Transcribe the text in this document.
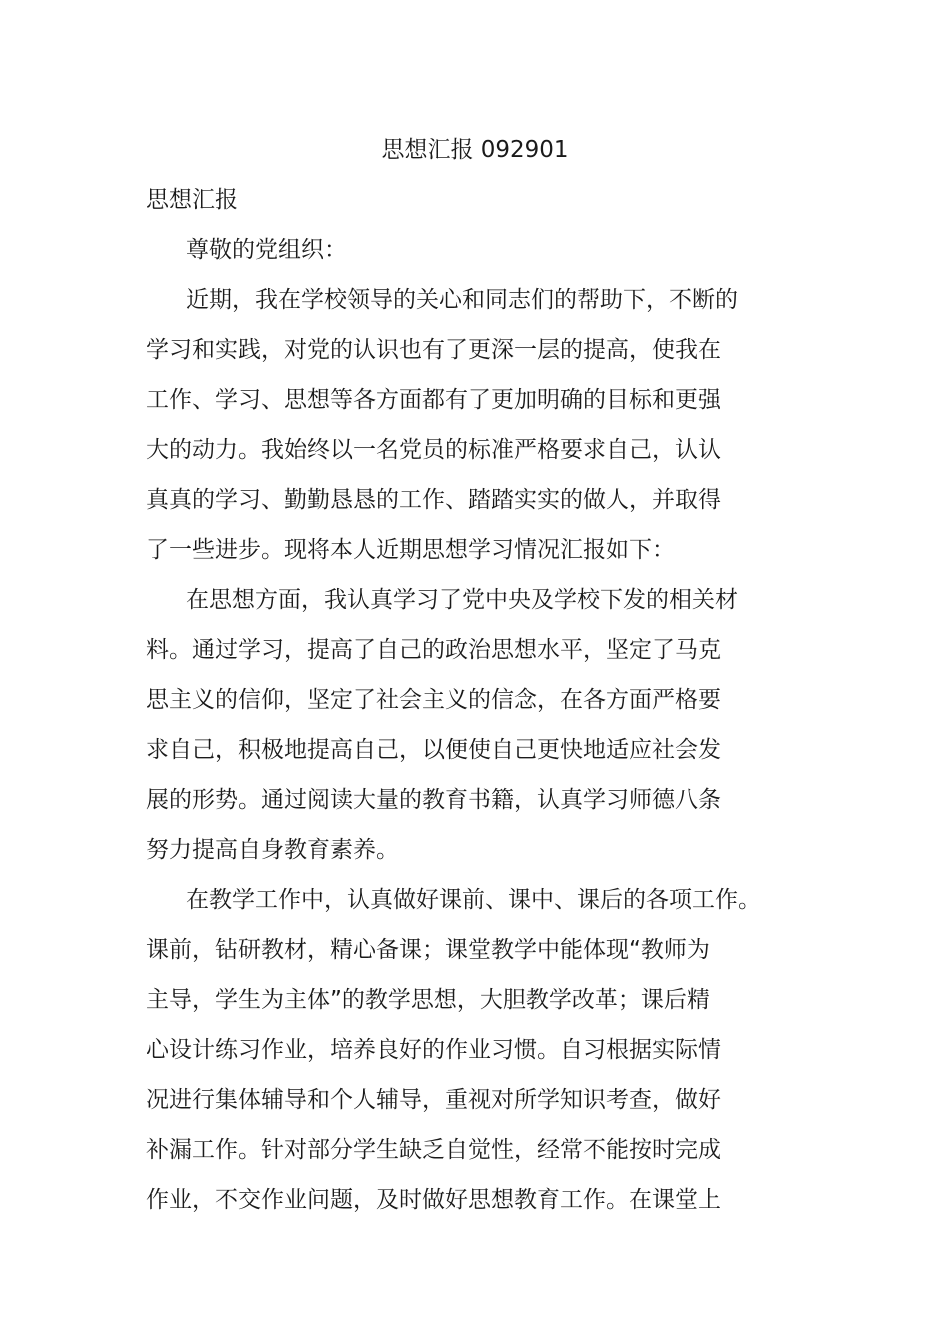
思想汇报 092901
思想汇报
尊敬的党组织：
近期，我在学校领导的关心和同志们的帮助下，不断的
学习和实践，对党的认识也有了更深一层的提高，使我在
工作、学习、思想等各方面都有了更加明确的目标和更强
大的动力。我始终以一名党员的标准严格要求自己，认认
真真的学习、勤勤恳恳的工作、踏踏实实的做人，并取得
了一些进步。现将本人近期思想学习情况汇报如下：
在思想方面，我认真学习了党中央及学校下发的相关材
料。通过学习，提高了自己的政治思想水平，坚定了马克
思主义的信仰，坚定了社会主义的信念，在各方面严格要
求自己，积极地提高自己，以便使自己更快地适应社会发
展的形势。通过阅读大量的教育书籍，认真学习师德八条
努力提高自身教育素养。
在教学工作中，认真做好课前、课中、课后的各项工作。
课前，钻研教材，精心备课；课堂教学中能体现“教师为
主导，学生为主体”的教学思想，大胆教学改革；课后精
心设计练习作业，培养良好的作业习惯。自习根据实际情
况进行集体辅导和个人辅导，重视对所学知识考查，做好
补漏工作。针对部分学生缺乏自觉性，经常不能按时完成
作业，不交作业问题，及时做好思想教育工作。在课堂上
